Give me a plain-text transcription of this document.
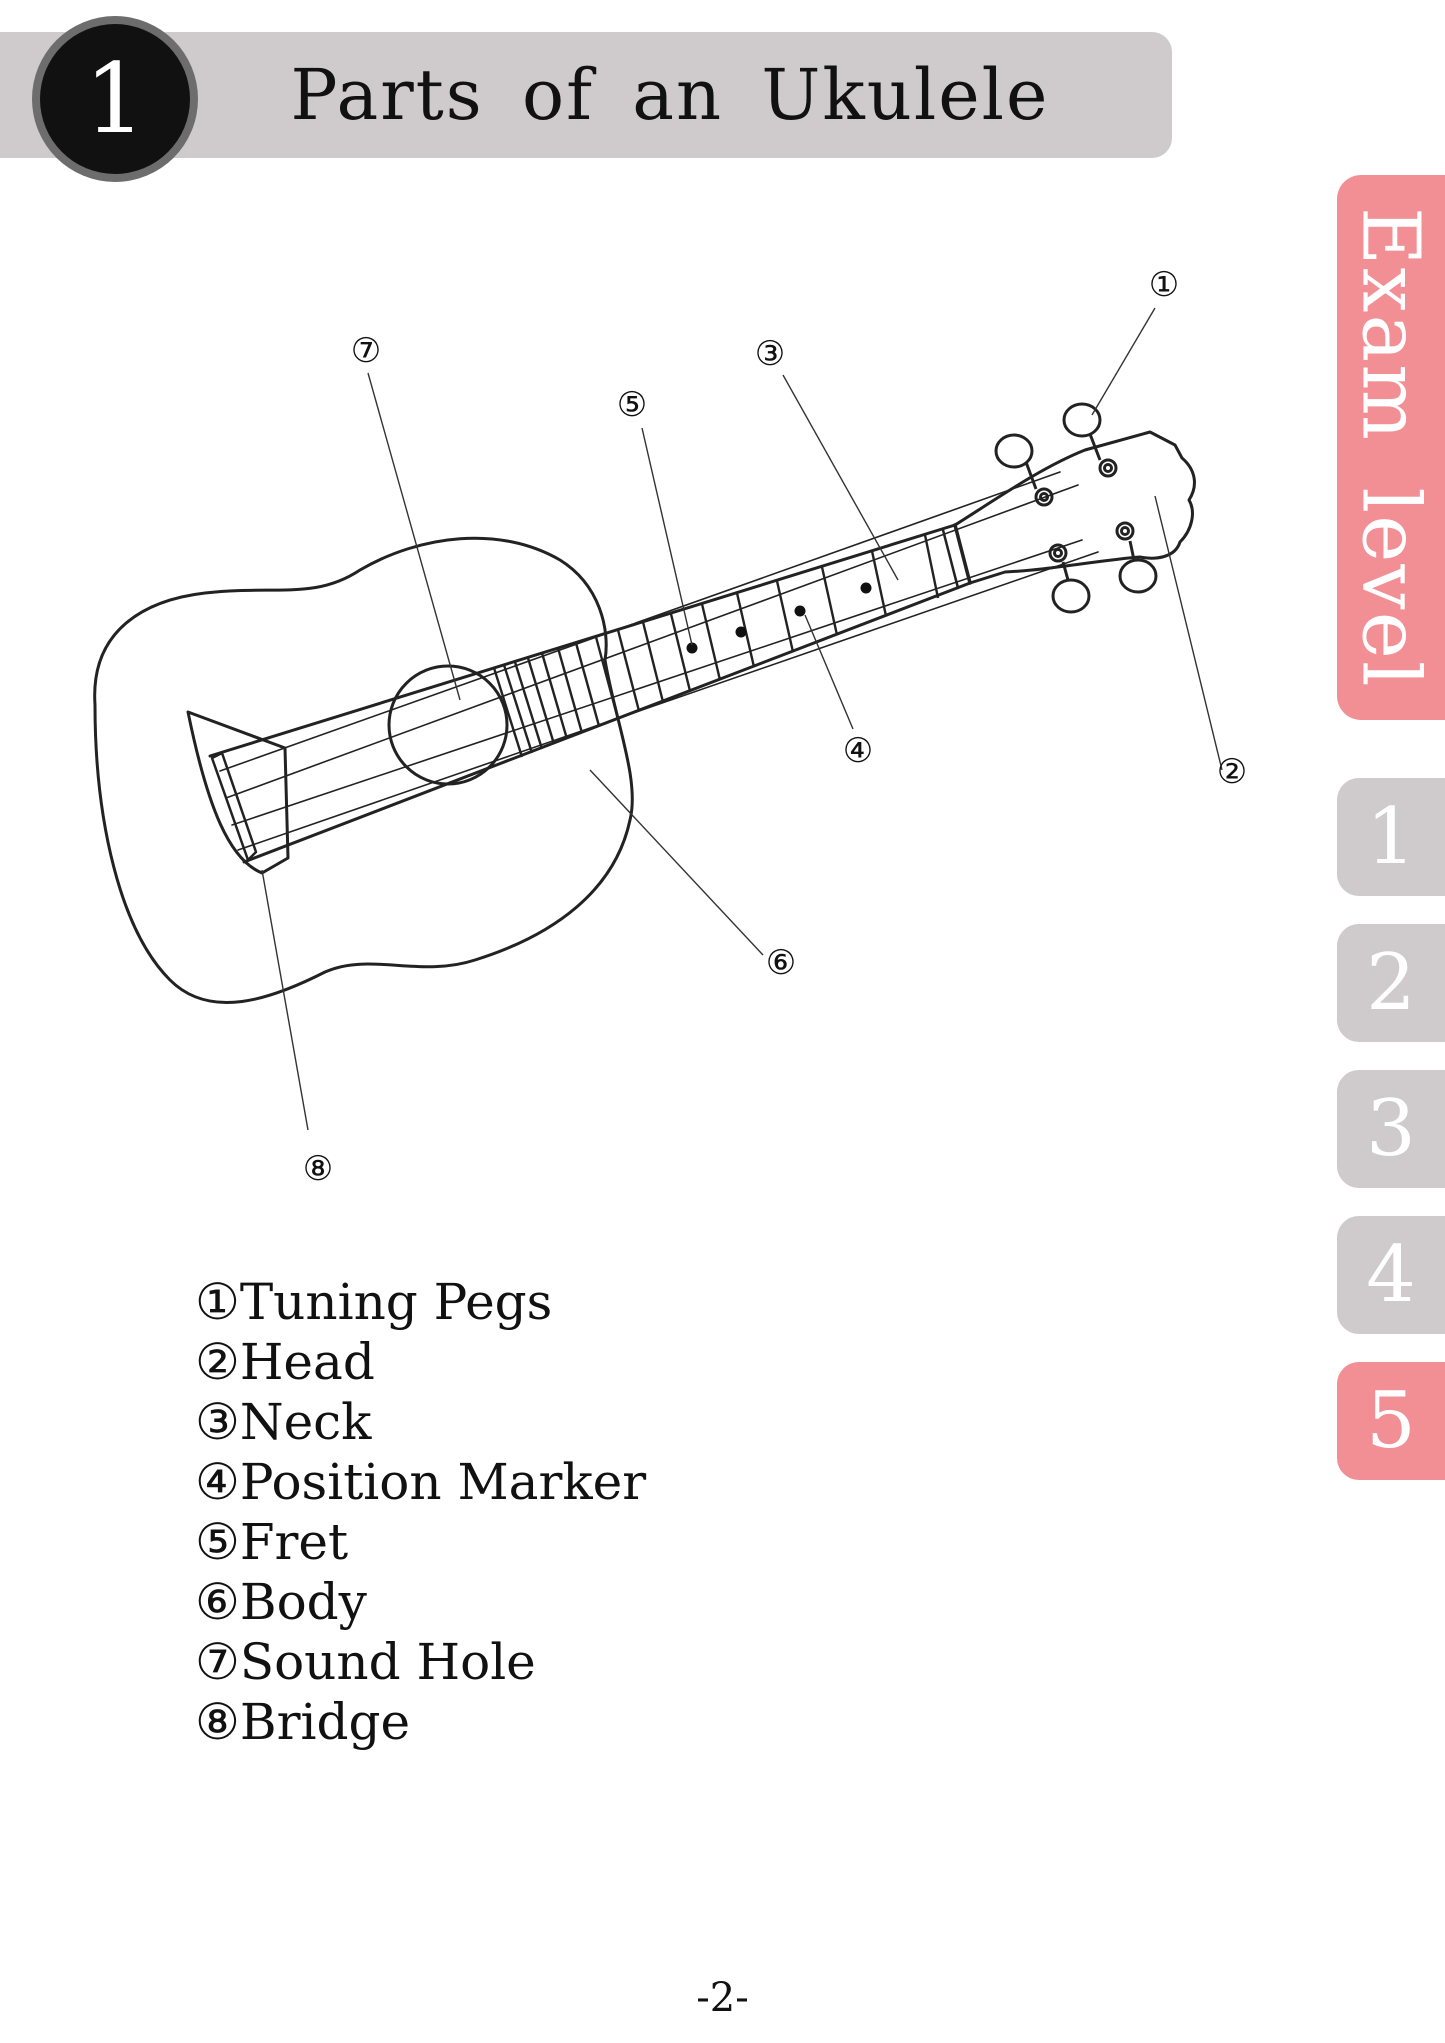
1	Parts of an Ukulele
①
②
③
④
⑤
⑥
⑦
⑧
①Tuning Pegs
②Head
③Neck
④Position Marker
⑤Fret
⑥Body
⑦Sound Hole
⑧Bridge
Exam level
1
2
3
4
5
-2-
